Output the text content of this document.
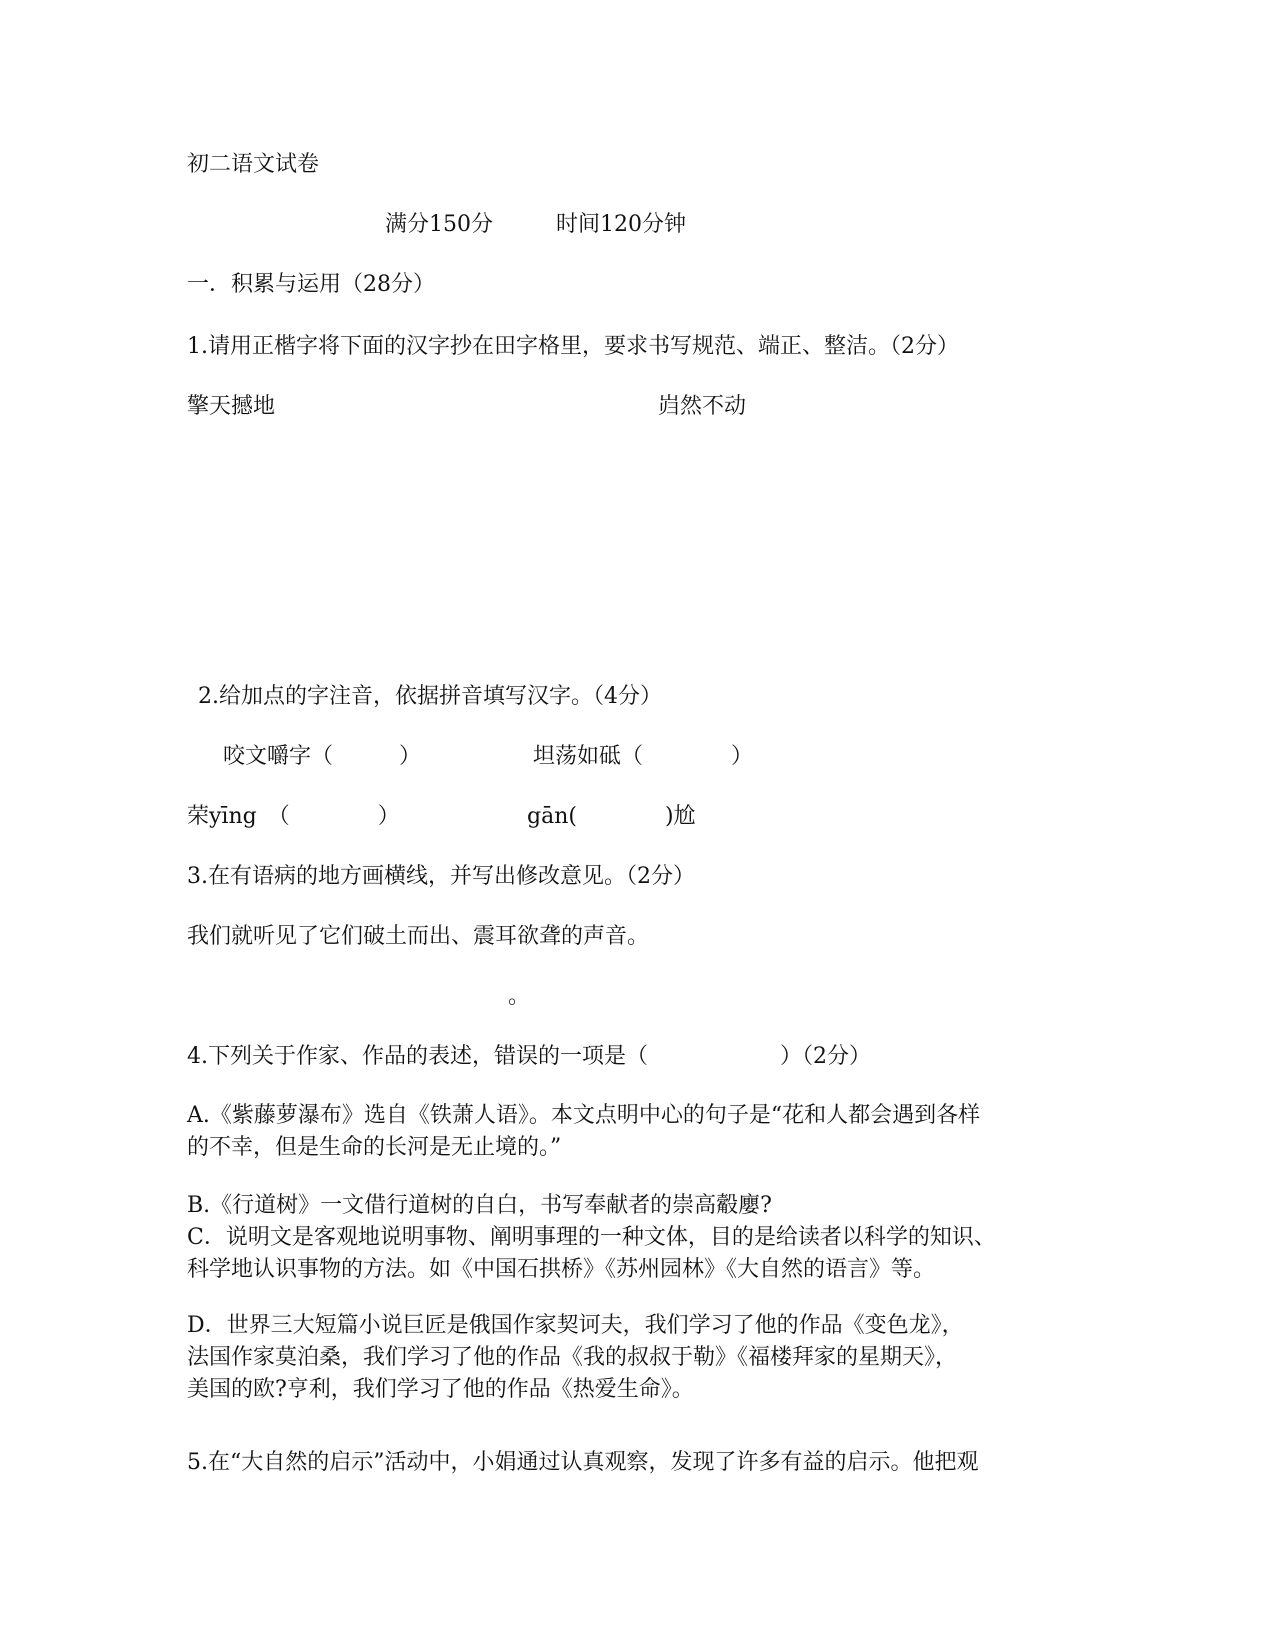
初二语文试卷
满分150分	时间120分钟
一．积累与运用（28分）
1.请用正楷字将下面的汉字抄在田字格里，要求书写规范、端正、整洁。（2分）
擎天撼地	岿然不动
2.给加点的字注音，依据拼音填写汉字。（4分）
咬文嚼字（　　　）	坦荡如砥（　　　　）
荣yīng　（　　　　）	gān(　　　　)尬
3.在有语病的地方画横线，并写出修改意见。（2分）
我们就听见了它们破土而出、震耳欲聋的声音。
。
4.下列关于作家、作品的表述，错误的一项是（　　　　　　）（2分）
A.《紫藤萝瀑布》选自《铁萧人语》。本文点明中心的句子是“花和人都会遇到各样
的不幸，但是生命的长河是无止境的。”
B.《行道树》一文借行道树的自白，书写奉献者的崇高觳廮?
C．说明文是客观地说明事物、阐明事理的一种文体，目的是给读者以科学的知识、
科学地认识事物的方法。如《中国石拱桥》《苏州园林》《大自然的语言》等。
D．世界三大短篇小说巨匠是俄国作家契诃夫，我们学习了他的作品《变色龙》，
法国作家莫泊桑，我们学习了他的作品《我的叔叔于勒》《福楼拜家的星期天》，
美国的欧?亨利，我们学习了他的作品《热爱生命》。
5.在“大自然的启示”活动中，小娟通过认真观察，发现了许多有益的启示。他把观
